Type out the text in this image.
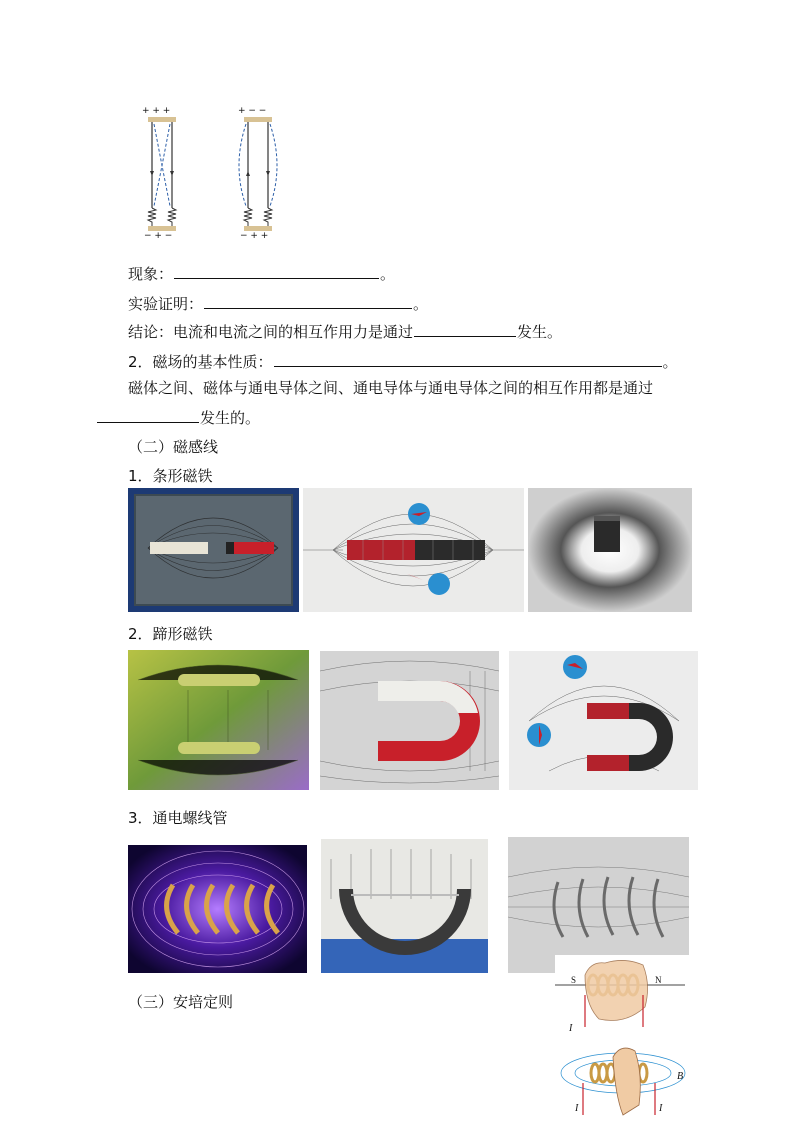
+ + +
− + −
+ − −
− + +
现象：	。
实验证明：	。
结论：电流和电流之间的相互作用力是通过	发生。
2．磁场的基本性质：	。
磁体之间、磁体与通电导体之间、通电导体与通电导体之间的相互作用都是通过
发生的。
（二）磁感线
1．条形磁铁
2．蹄形磁铁
3．通电螺线管
（三）安培定则
S	N
I
I	I
B
